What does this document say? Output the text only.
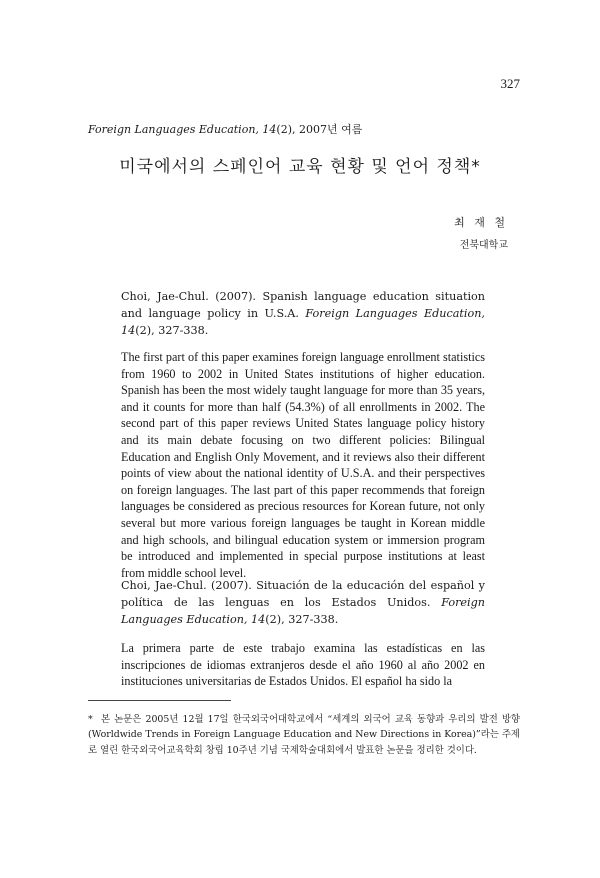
327
Foreign Languages Education, 14(2), 2007년 여름
미국에서의 스페인어 교육 현황 및 언어 정책*
최 재 철
전북대학교

Choi, Jae-Chul. (2007). Spanish language education situation and language policy in U.S.A. Foreign Languages Education, 14(2), 327-338.

The first part of this paper examines foreign language enrollment statistics from 1960 to 2002 in United States institutions of higher education. Spanish has been the most widely taught language for more than 35 years, and it counts for more than half (54.3%) of all enrollments in 2002. The second part of this paper reviews United States language policy history and its main debate focusing on two different policies: Bilingual Education and English Only Movement, and it reviews also their different points of view about the national identity of U.S.A. and their perspectives on foreign languages. The last part of this paper recommends that foreign languages be considered as precious resources for Korean future, not only several but more various foreign languages be taught in Korean middle and high schools, and bilingual education system or immersion program be introduced and implemented in special purpose institutions at least from middle school level.

Choi, Jae-Chul. (2007). Situación de la educación del español y política de las lenguas en los Estados Unidos. Foreign Languages Education, 14(2), 327-338.

La primera parte de este trabajo examina las estadísticas en las inscripciones de idiomas extranjeros desde el año 1960 al año 2002 en instituciones universitarias de Estados Unidos. El español ha sido la

* 본 논문은 2005년 12월 17일 한국외국어대학교에서 “세계의 외국어 교육 동향과 우리의 발전 방향(Worldwide Trends in Foreign Language Education and New Directions in Korea)”라는 주제로 열린 한국외국어교육학회 창립 10주년 기념 국제학술대회에서 발표한 논문을 정리한 것이다.
